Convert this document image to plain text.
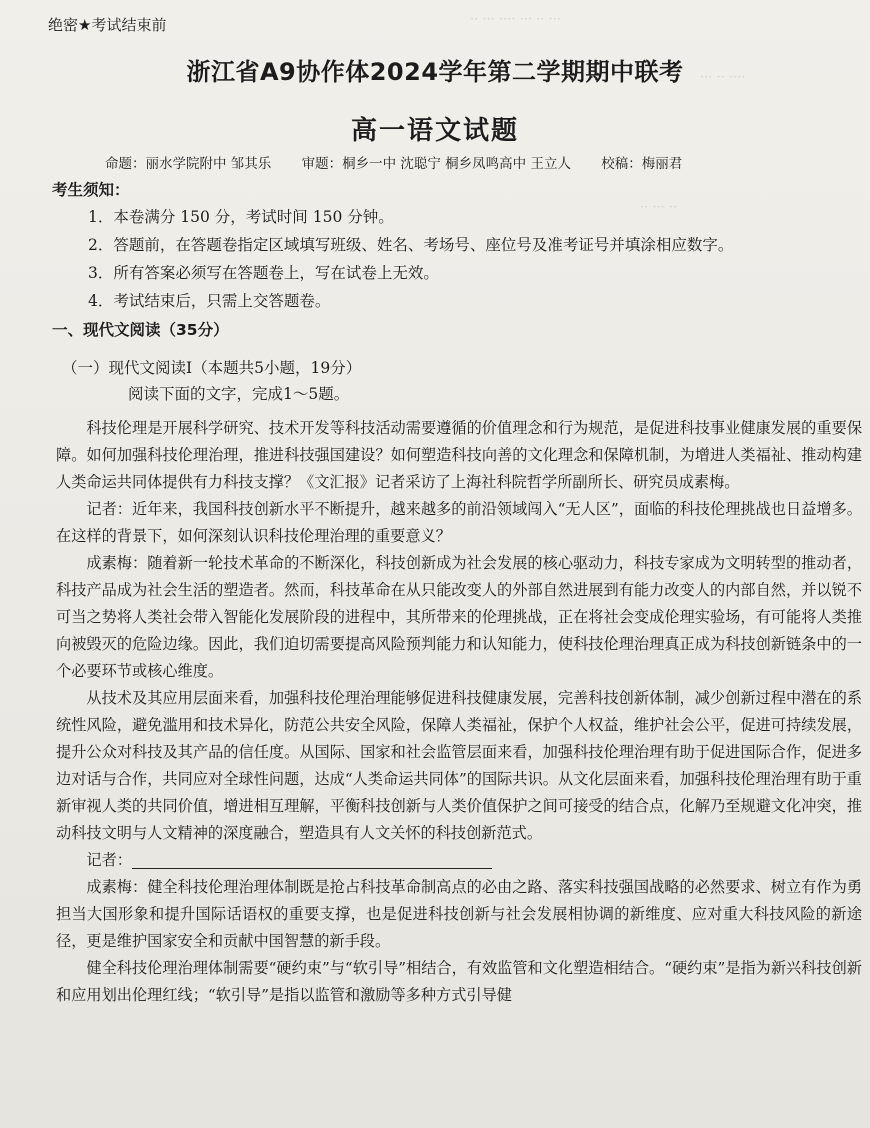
·· ··· ···· ··· ·· ···
··· ·· ····
·· ··· ··
绝密★考试结束前
浙江省A9协作体2024学年第二学期期中联考
高一语文试题
命题：丽水学院附中 邹其乐 审题：桐乡一中 沈聪宁 桐乡凤鸣高中 王立人 校稿：梅丽君
考生须知：
1．本卷满分 150 分，考试时间 150 分钟。
2．答题前，在答题卷指定区域填写班级、姓名、考场号、座位号及准考证号并填涂相应数字。
3．所有答案必须写在答题卷上，写在试卷上无效。
4．考试结束后，只需上交答题卷。
一、现代文阅读（35分）
（一）现代文阅读Ⅰ（本题共5小题，19分）
阅读下面的文字，完成1～5题。

科技伦理是开展科学研究、技术开发等科技活动需要遵循的价值理念和行为规范，是促进科技事业健康发展的重要保障。如何加强科技伦理治理，推进科技强国建设？如何塑造科技向善的文化理念和保障机制，为增进人类福祉、推动构建人类命运共同体提供有力科技支撑？《文汇报》记者采访了上海社科院哲学所副所长、研究员成素梅。

记者：近年来，我国科技创新水平不断提升，越来越多的前沿领域闯入“无人区”，面临的科技伦理挑战也日益增多。在这样的背景下，如何深刻认识科技伦理治理的重要意义？

成素梅：随着新一轮技术革命的不断深化，科技创新成为社会发展的核心驱动力，科技专家成为文明转型的推动者，科技产品成为社会生活的塑造者。然而，科技革命在从只能改变人的外部自然进展到有能力改变人的内部自然，并以锐不可当之势将人类社会带入智能化发展阶段的进程中，其所带来的伦理挑战，正在将社会变成伦理实验场，有可能将人类推向被毁灭的危险边缘。因此，我们迫切需要提高风险预判能力和认知能力，使科技伦理治理真正成为科技创新链条中的一个必要环节或核心维度。

从技术及其应用层面来看，加强科技伦理治理能够促进科技健康发展，完善科技创新体制，减少创新过程中潜在的系统性风险，避免滥用和技术异化，防范公共安全风险，保障人类福祉，保护个人权益，维护社会公平，促进可持续发展，提升公众对科技及其产品的信任度。从国际、国家和社会监管层面来看，加强科技伦理治理有助于促进国际合作，促进多边对话与合作，共同应对全球性问题，达成“人类命运共同体”的国际共识。从文化层面来看，加强科技伦理治理有助于重新审视人类的共同价值，增进相互理解，平衡科技创新与人类价值保护之间可接受的结合点，化解乃至规避文化冲突，推动科技文明与人文精神的深度融合，塑造具有人文关怀的科技创新范式。

记者：

成素梅：健全科技伦理治理体制既是抢占科技革命制高点的必由之路、落实科技强国战略的必然要求、树立有作为勇担当大国形象和提升国际话语权的重要支撑，也是促进科技创新与社会发展相协调的新维度、应对重大科技风险的新途径，更是维护国家安全和贡献中国智慧的新手段。

健全科技伦理治理体制需要“硬约束”与“软引导”相结合，有效监管和文化塑造相结合。“硬约束”是指为新兴科技创新和应用划出伦理红线；“软引导”是指以监管和激励等多种方式引导健
